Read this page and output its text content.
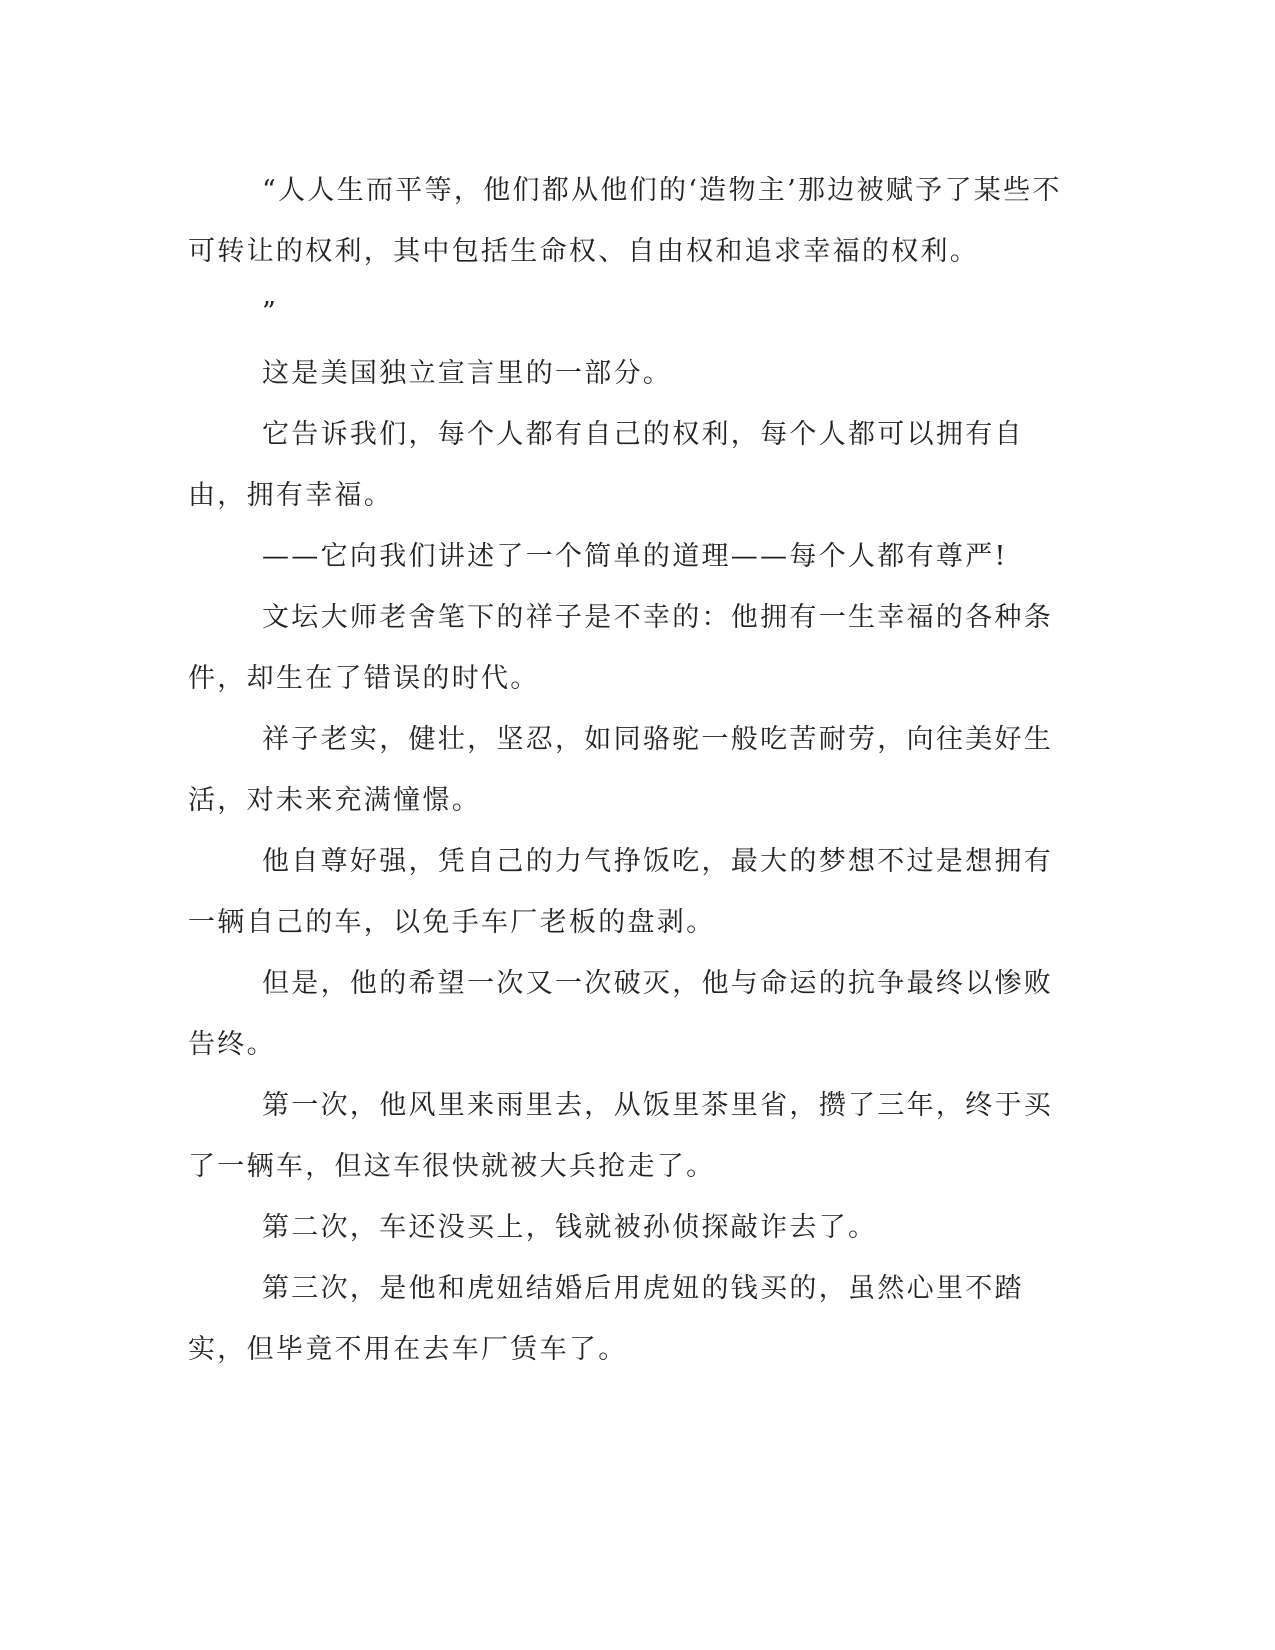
“人人生而平等，他们都从他们的‘造物主’那边被赋予了某些不可转让的权利，其中包括生命权、自由权和追求幸福的权利。

”

这是美国独立宣言里的一部分。

它告诉我们，每个人都有自己的权利，每个人都可以拥有自由，拥有幸福。

——它向我们讲述了一个简单的道理——每个人都有尊严!

文坛大师老舍笔下的祥子是不幸的：他拥有一生幸福的各种条件，却生在了错误的时代。

祥子老实，健壮，坚忍，如同骆驼一般吃苦耐劳，向往美好生活，对未来充满憧憬。

他自尊好强，凭自己的力气挣饭吃，最大的梦想不过是想拥有一辆自己的车，以免手车厂老板的盘剥。

但是，他的希望一次又一次破灭，他与命运的抗争最终以惨败告终。

第一次，他风里来雨里去，从饭里茶里省，攒了三年，终于买了一辆车，但这车很快就被大兵抢走了。

第二次，车还没买上，钱就被孙侦探敲诈去了。

第三次，是他和虎妞结婚后用虎妞的钱买的，虽然心里不踏实，但毕竟不用在去车厂赁车了。
